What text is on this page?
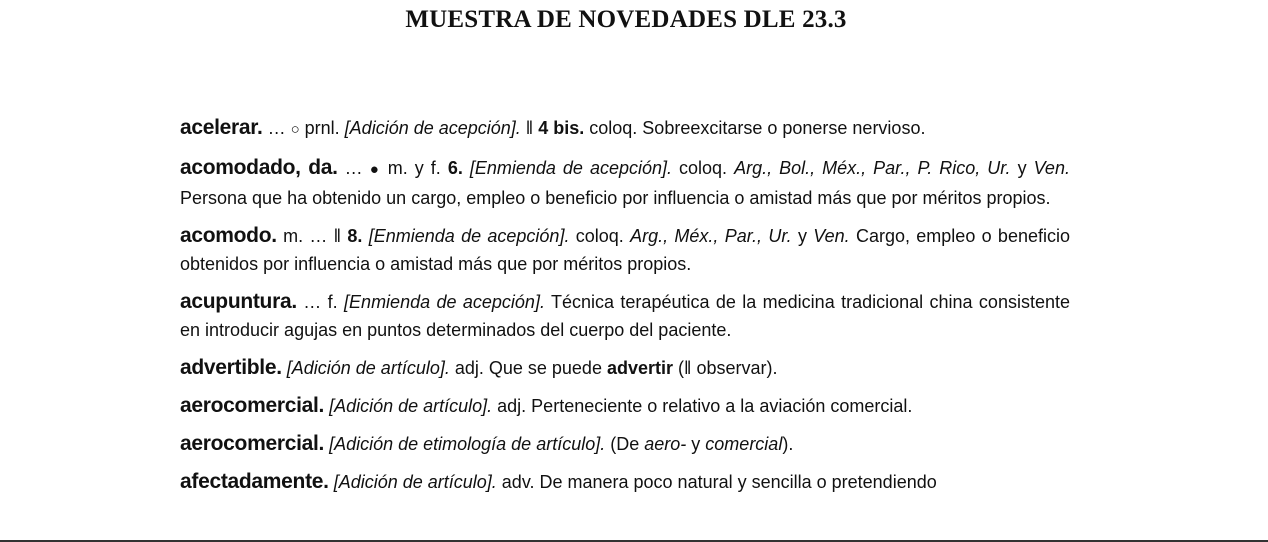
MUESTRA DE NOVEDADES DLE 23.3

acelerar. … ○ prnl. [Adición de acepción]. ‖ 4 bis. coloq. Sobreexcitarse o ponerse nervioso.

acomodado, da. … ● m. y f. 6. [Enmienda de acepción]. coloq. Arg., Bol., Méx., Par., P. Rico, Ur. y Ven. Persona que ha obtenido un cargo, empleo o beneficio por influencia o amistad más que por méritos propios.

acomodo. m. … ‖ 8. [Enmienda de acepción]. coloq. Arg., Méx., Par., Ur. y Ven. Cargo, empleo o beneficio obtenidos por influencia o amistad más que por méritos propios.

acupuntura. … f. [Enmienda de acepción]. Técnica terapéutica de la medicina tradicional china consistente en introducir agujas en puntos determinados del cuerpo del paciente.

advertible. [Adición de artículo]. adj. Que se puede advertir (‖ observar).

aerocomercial. [Adición de artículo]. adj. Perteneciente o relativo a la aviación comercial.

aerocomercial. [Adición de etimología de artículo]. (De aero- y comercial).

afectadamente. [Adición de artículo]. adv. De manera poco natural y sencilla o pretendiendo
